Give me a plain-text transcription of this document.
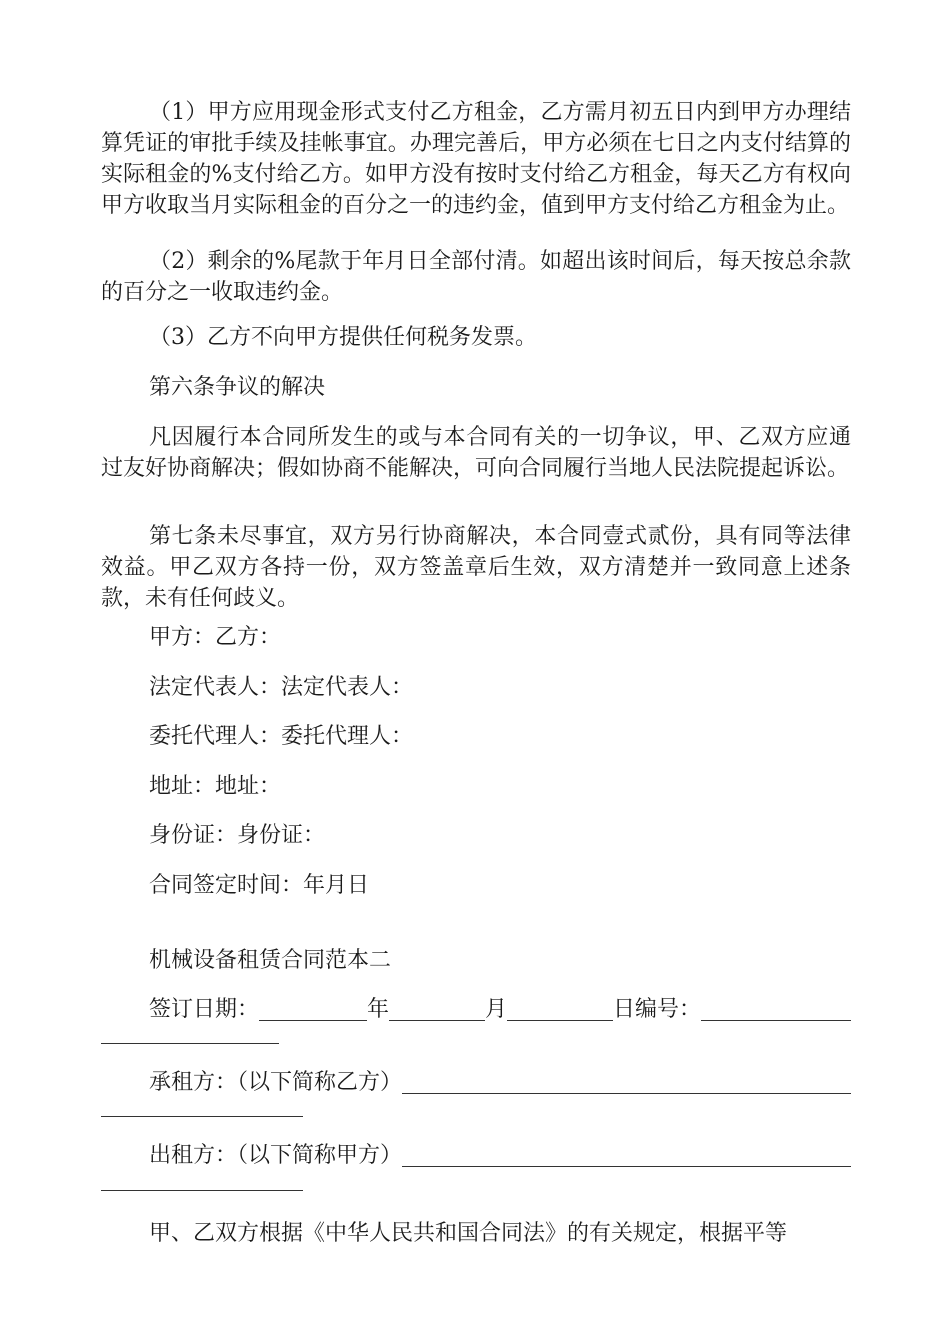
（1）甲方应用现金形式支付乙方租金，乙方需月初五日内到甲方办理结算凭证的审批手续及挂帐事宜。办理完善后，甲方必须在七日之内支付结算的实际租金的%支付给乙方。如甲方没有按时支付给乙方租金，每天乙方有权向甲方收取当月实际租金的百分之一的违约金，值到甲方支付给乙方租金为止。

（2）剩余的%尾款于年月日全部付清。如超出该时间后，每天按总余款的百分之一收取违约金。

（3）乙方不向甲方提供任何税务发票。

第六条争议的解决

凡因履行本合同所发生的或与本合同有关的一切争议，甲、乙双方应通过友好协商解决；假如协商不能解决，可向合同履行当地人民法院提起诉讼。

第七条未尽事宜，双方另行协商解决，本合同壹式贰份，具有同等法律效益。甲乙双方各持一份，双方签盖章后生效，双方清楚并一致同意上述条款，未有任何歧义。

甲方：乙方：

法定代表人：法定代表人：

委托代理人：委托代理人：

地址：地址：

身份证：身份证：

合同签定时间：年月日

机械设备租赁合同范本二

签订日期：	年	月	日编号：
承租方：（以下简称乙方）
出租方：（以下简称甲方）

甲、乙双方根据《中华人民共和国合同法》的有关规定，根据平等
